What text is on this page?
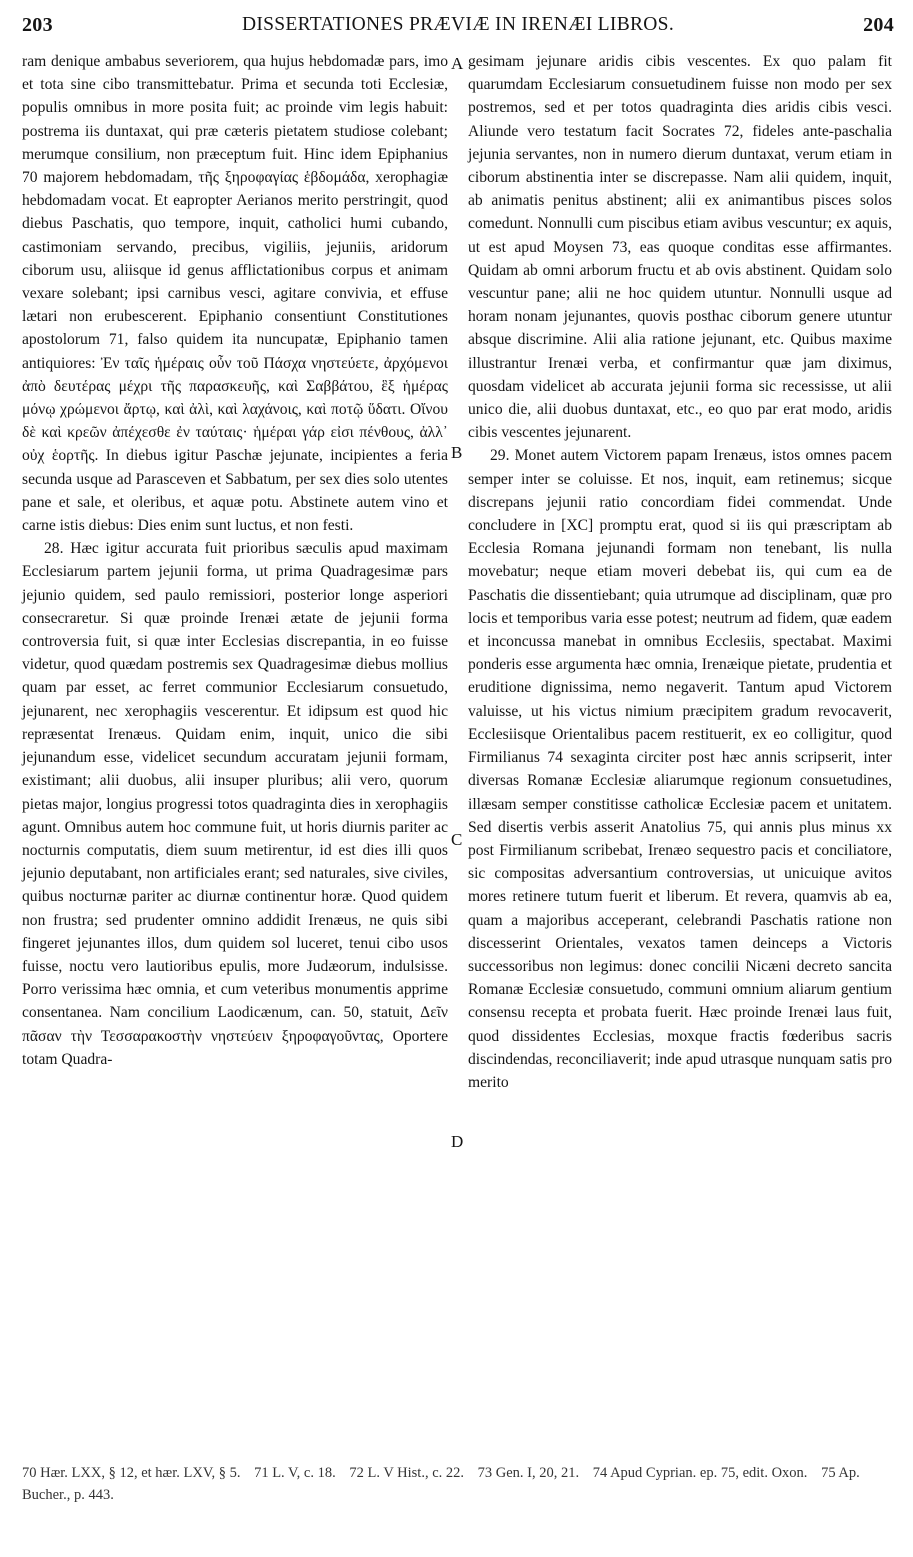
203	DISSERTATIONES PRÆVIÆ IN IRENÆI LIBROS.	204

ram denique ambabus severiorem, qua hujus hebdomadæ pars, imo et tota sine cibo transmittebatur. Prima et secunda toti Ecclesiæ, populis omnibus in more posita fuit; ac proinde vim legis habuit: postrema iis duntaxat, qui præ cæteris pietatem studiose colebant; merumque consilium, non præceptum fuit. Hinc idem Epiphanius 70 majorem hebdomadam, τῆς ξηροφαγίας ἑβδομάδα, xerophagiæ hebdomadam vocat. Et eapropter Aerianos merito perstringit, quod diebus Paschatis, quo tempore, inquit, catholici humi cubando, castimoniam servando, precibus, vigiliis, jejuniis, aridorum ciborum usu, aliisque id genus afflictationibus corpus et animam vexare solebant; ipsi carnibus vesci, agitare convivia, et effuse lætari non erubescerent. Epiphanio consentiunt Constitutiones apostolorum 71, falso quidem ita nuncupatæ, Epiphanio tamen antiquiores: Ἐν ταῖς ἡμέραις οὖν τοῦ Πάσχα νηστεύετε, ἀρχόμενοι ἀπὸ δευτέρας μέχρι τῆς παρασκευῆς, καὶ Σαββάτου, ἓξ ἡμέρας μόνῳ χρώμενοι ἄρτῳ, καὶ ἀλὶ, καὶ λαχάνοις, καὶ ποτῷ ὕδατι. Οἴνου δὲ καὶ κρεῶν ἀπέχεσθε ἐν ταύταις· ἡμέραι γάρ εἰσι πένθους, ἀλλ᾽ οὐχ ἑορτῆς. In diebus igitur Paschæ jejunate, incipientes a feria secunda usque ad Parasceven et Sabbatum, per sex dies solo utentes pane et sale, et oleribus, et aquæ potu. Abstinete autem vino et carne istis diebus: Dies enim sunt luctus, et non festi.

28. Hæc igitur accurata fuit prioribus sæculis apud maximam Ecclesiarum partem jejunii forma, ut prima Quadragesimæ pars jejunio quidem, sed paulo remissiori, posterior longe asperiori consecraretur. Si quæ proinde Irenæi ætate de jejunii forma controversia fuit, si quæ inter Ecclesias discrepantia, in eo fuisse videtur, quod quædam postremis sex Quadragesimæ diebus mollius quam par esset, ac ferret communior Ecclesiarum consuetudo, jejunarent, nec xerophagiis vescerentur. Et idipsum est quod hic repræsentat Irenæus. Quidam enim, inquit, unico die sibi jejunandum esse, videlicet secundum accuratam jejunii formam, existimant; alii duobus, alii insuper pluribus; alii vero, quorum pietas major, longius progressi totos quadraginta dies in xerophagiis agunt. Omnibus autem hoc commune fuit, ut horis diurnis pariter ac nocturnis computatis, diem suum metirentur, id est dies illi quos jejunio deputabant, non artificiales erant; sed naturales, sive civiles, quibus nocturnæ pariter ac diurnæ continentur horæ. Quod quidem non frustra; sed prudenter omnino addidit Irenæus, ne quis sibi fingeret jejunantes illos, dum quidem sol luceret, tenui cibo usos fuisse, noctu vero lautioribus epulis, more Judæorum, indulsisse. Porro verissima hæc omnia, et cum veteribus monumentis apprime consentanea. Nam concilium Laodicænum, can. 50, statuit, Δεῖν πᾶσαν τὴν Τεσσαρακοστὴν νηστεύειν ξηροφαγοῦντας, Oportere totam Quadra-

gesimam jejunare aridis cibis vescentes. Ex quo palam fit quarumdam Ecclesiarum consuetudinem fuisse non modo per sex postremos, sed et per totos quadraginta dies aridis cibis vesci. Aliunde vero testatum facit Socrates 72, fideles ante-paschalia jejunia servantes, non in numero dierum duntaxat, verum etiam in ciborum abstinentia inter se discrepasse. Nam alii quidem, inquit, ab animatis penitus abstinent; alii ex animantibus pisces solos comedunt. Nonnulli cum piscibus etiam avibus vescuntur; ex aquis, ut est apud Moysen 73, eas quoque conditas esse affirmantes. Quidam ab omni arborum fructu et ab ovis abstinent. Quidam solo vescuntur pane; alii ne hoc quidem utuntur. Nonnulli usque ad horam nonam jejunantes, quovis posthac ciborum genere utuntur absque discrimine. Alii alia ratione jejunant, etc. Quibus maxime illustrantur Irenæi verba, et confirmantur quæ jam diximus, quosdam videlicet ab accurata jejunii forma sic recessisse, ut alii unico die, alii duobus duntaxat, etc., eo quo par erat modo, aridis cibis vescentes jejunarent.

29. Monet autem Victorem papam Irenæus, istos omnes pacem semper inter se coluisse. Et nos, inquit, eam retinemus; sicque discrepans jejunii ratio concordiam fidei commendat. Unde concludere in [XC] promptu erat, quod si iis qui præscriptam ab Ecclesia Romana jejunandi formam non tenebant, lis nulla movebatur; neque etiam moveri debebat iis, qui cum ea de Paschatis die dissentiebant; quia utrumque ad disciplinam, quæ pro locis et temporibus varia esse potest; neutrum ad fidem, quæ eadem et inconcussa manebat in omnibus Ecclesiis, spectabat. Maximi ponderis esse argumenta hæc omnia, Irenæique pietate, prudentia et eruditione dignissima, nemo negaverit. Tantum apud Victorem valuisse, ut his victus nimium præcipitem gradum revocaverit, Ecclesiisque Orientalibus pacem restituerit, ex eo colligitur, quod Firmilianus 74 sexaginta circiter post hæc annis scripserit, inter diversas Romanæ Ecclesiæ aliarumque regionum consuetudines, illæsam semper constitisse catholicæ Ecclesiæ pacem et unitatem. Sed disertis verbis asserit Anatolius 75, qui annis plus minus xx post Firmilianum scribebat, Irenæo sequestro pacis et conciliatore, sic compositas adversantium controversias, ut unicuique avitos mores retinere tutum fuerit et liberum. Et revera, quamvis ab ea, quam a majoribus acceperant, celebrandi Paschatis ratione non discesserint Orientales, vexatos tamen deinceps a Victoris successoribus non legimus: donec concilii Nicæni decreto sancita Romanæ Ecclesiæ consuetudo, communi omnium aliarum gentium consensu recepta et probata fuerit. Hæc proinde Irenæi laus fuit, quod dissidentes Ecclesias, moxque fractis fœderibus sacris discindendas, reconciliaverit; inde apud utrasque nunquam satis pro merito

A
B
C
D
70 Hær. LXX, § 12, et hær. LXV, § 5. 71 L. V, c. 18. 72 L. V Hist., c. 22. 73 Gen. I, 20, 21. 74 Apud Cyprian. ep. 75, edit. Oxon. 75 Ap. Bucher., p. 443.
